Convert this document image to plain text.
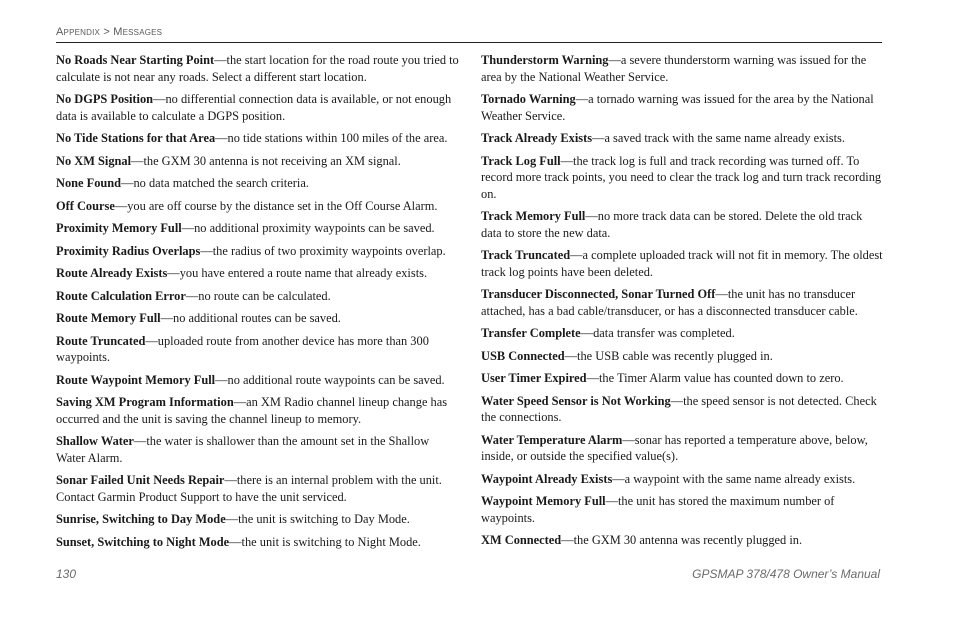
Appendix > Messages
No Roads Near Starting Point—the start location for the road route you tried to calculate is not near any roads. Select a different start location.
No DGPS Position—no differential connection data is available, or not enough data is available to calculate a DGPS position.
No Tide Stations for that Area—no tide stations within 100 miles of the area.
No XM Signal—the GXM 30 antenna is not receiving an XM signal.
None Found—no data matched the search criteria.
Off Course—you are off course by the distance set in the Off Course Alarm.
Proximity Memory Full—no additional proximity waypoints can be saved.
Proximity Radius Overlaps—the radius of two proximity waypoints overlap.
Route Already Exists—you have entered a route name that already exists.
Route Calculation Error—no route can be calculated.
Route Memory Full—no additional routes can be saved.
Route Truncated—uploaded route from another device has more than 300 waypoints.
Route Waypoint Memory Full—no additional route waypoints can be saved.
Saving XM Program Information—an XM Radio channel lineup change has occurred and the unit is saving the channel lineup to memory.
Shallow Water—the water is shallower than the amount set in the Shallow Water Alarm.
Sonar Failed Unit Needs Repair—there is an internal problem with the unit. Contact Garmin Product Support to have the unit serviced.
Sunrise, Switching to Day Mode—the unit is switching to Day Mode.
Sunset, Switching to Night Mode—the unit is switching to Night Mode.
Thunderstorm Warning—a severe thunderstorm warning was issued for the area by the National Weather Service.
Tornado Warning—a tornado warning was issued for the area by the National Weather Service.
Track Already Exists—a saved track with the same name already exists.
Track Log Full—the track log is full and track recording was turned off. To record more track points, you need to clear the track log and turn track recording on.
Track Memory Full—no more track data can be stored. Delete the old track data to store the new data.
Track Truncated—a complete uploaded track will not fit in memory. The oldest track log points have been deleted.
Transducer Disconnected, Sonar Turned Off—the unit has no transducer attached, has a bad cable/transducer, or has a disconnected transducer cable.
Transfer Complete—data transfer was completed.
USB Connected—the USB cable was recently plugged in.
User Timer Expired—the Timer Alarm value has counted down to zero.
Water Speed Sensor is Not Working—the speed sensor is not detected. Check the connections.
Water Temperature Alarm—sonar has reported a temperature above, below, inside, or outside the specified value(s).
Waypoint Already Exists—a waypoint with the same name already exists.
Waypoint Memory Full—the unit has stored the maximum number of waypoints.
XM Connected—the GXM 30 antenna was recently plugged in.
130	GPSMAP 378/478 Owner’s Manual
